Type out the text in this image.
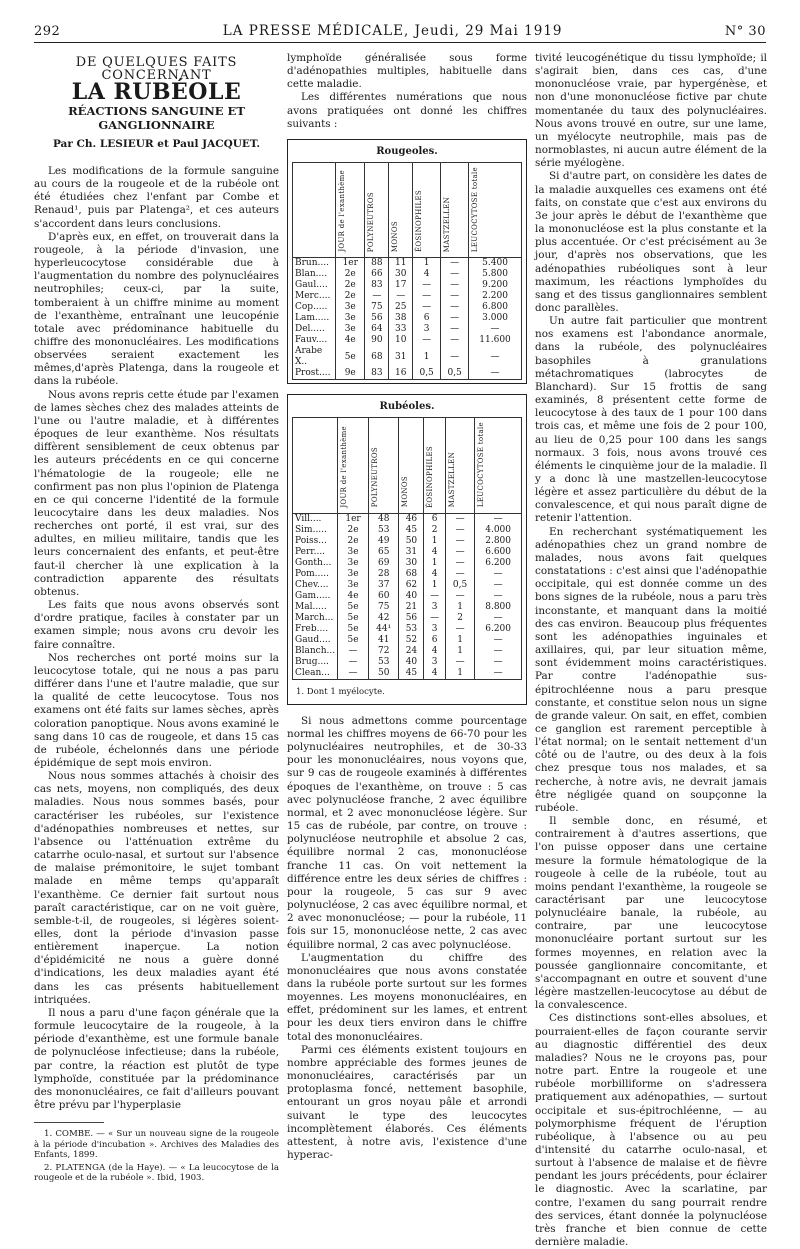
292	LA PRESSE MÉDICALE, Jeudi, 29 Mai 1919	N° 30
DE QUELQUES FAITS CONCERNANT
LA RUBÉOLE
RÉACTIONS SANGUINE ET GANGLIONNAIRE
Par Ch. LESIEUR et Paul JACQUET.

Les modifications de la formule sanguine au cours de la rougeole et de la rubéole ont été étudiées chez l'enfant par Combe et Renaud¹, puis par Platenga², et ces auteurs s'accordent dans leurs conclusions.

D'après eux, en effet, on trouverait dans la rougeole, à la période d'invasion, une hyperleucocytose considérable due à l'augmentation du nombre des polynucléaires neutrophiles; ceux-ci, par la suite, tomberaient à un chiffre minime au moment de l'exanthème, entraînant une leucopénie totale avec prédominance habituelle du chiffre des mononucléaires. Les modifications observées seraient exactement les mêmes,d'après Platenga, dans la rougeole et dans la rubéole.

Nous avons repris cette étude par l'examen de lames sèches chez des malades atteints de l'une ou l'autre maladie, et à différentes époques de leur exanthème. Nos résultats diffèrent sensiblement de ceux obtenus par les auteurs précédents en ce qui concerne l'hématologie de la rougeole; elle ne confirment pas non plus l'opinion de Platenga en ce qui concerne l'identité de la formule leucocytaire dans les deux maladies. Nos recherches ont porté, il est vrai, sur des adultes, en milieu militaire, tandis que les leurs concernaient des enfants, et peut-être faut-il chercher là une explication à la contradiction apparente des résultats obtenus.

Les faits que nous avons observés sont d'ordre pratique, faciles à constater par un examen simple; nous avons cru devoir les faire connaître.

Nos recherches ont porté moins sur la leucocytose totale, qui ne nous a pas paru différer dans l'une et l'autre maladie, que sur la qualité de cette leucocytose. Tous nos examens ont été faits sur lames sèches, après coloration panoptique. Nous avons examiné le sang dans 10 cas de rougeole, et dans 15 cas de rubéole, échelonnés dans une période épidémique de sept mois environ.

Nous nous sommes attachés à choisir des cas nets, moyens, non compliqués, des deux maladies. Nous nous sommes basés, pour caractériser les rubéoles, sur l'existence d'adénopathies nombreuses et nettes, sur l'absence ou l'atténuation extrême du catarrhe oculo-nasal, et surtout sur l'absence de malaise prémonitoire, le sujet tombant malade en même temps qu'apparaît l'exanthème. Ce dernier fait surtout nous paraît caractéristique, car on ne voit guère, semble-t-il, de rougeoles, si légères soient-elles, dont la période d'invasion passe entièrement inaperçue. La notion d'épidémicité ne nous a guère donné d'indications, les deux maladies ayant été dans les cas présents habituellement intriquées.

Il nous a paru d'une façon générale que la formule leucocytaire de la rougeole, à la période d'exanthème, est une formule banale de polynucléose infectieuse; dans la rubéole, par contre, la réaction est plutôt de type lymphoïde, constituée par la prédominance des mononucléaires, ce fait d'ailleurs pouvant être prévu par l'hyperplasie

1. COMBE. — « Sur un nouveau signe de la rougeole à la période d'incubation ». Archives des Maladies des Enfants, 1899.

2. PLATENGA (de la Haye). — « La leucocytose de la rougeole et de la rubéole ». Ibid, 1903.

lymphoïde généralisée sous forme d'adénopathies multiples, habituelle dans cette maladie.

Les différentes numérations que nous avons pratiquées ont donné les chiffres suivants :

Rougeoles.
	JOUR de l'exanthème	POLYNEUTROS	MONOS	ÉOSINOPHILES	MASTZELLEN	LEUCOCYTOSE totale
Brun....	1er	88	11	1	—	5.400
Blan....	2e	66	30	4	—	5.800
Gaul....	2e	83	17	—	—	9.200
Merc....	2e	—	—	—	—	2.200
Cop.....	3e	75	25	—	—	6.800
Lam.....	3e	56	38	6	—	3.000
Del.....	3e	64	33	3	—	—
Fauv....	4e	90	10	—	—	11.600
Arabe X..	5e	68	31	1	—	—
Prost....	9e	83	16	0,5	0,5	—
Rubéoles.
	JOUR de l'exanthème	POLYNEUTROS	MONOS	ÉOSINOPHILES	MASTZELLEN	LEUCOCYTOSE totale
Vill....	1er	48	46	6	—	—
Sim.....	2e	53	45	2	—	4.000
Poiss...	2e	49	50	1	—	2.800
Perr....	3e	65	31	4	—	6.600
Gonth...	3e	69	30	1	—	6.200
Pom.....	3e	28	68	4	—	—
Chev....	3e	37	62	1	0,5	—
Gam.....	4e	60	40	—	—	—
Mal.....	5e	75	21	3	1	8.800
March...	5e	42	56	—	2	—
Freb....	5e	44¹	53	3	—	6.200
Gaud....	5e	41	52	6	1	—
Blanch...	—	72	24	4	1	—
Brug....	—	53	40	3	—	—
Clean...	—	50	45	4	1	—
1. Dont 1 myélocyte.

Si nous admettons comme pourcentage normal les chiffres moyens de 66-70 pour les polynucléaires neutrophiles, et de 30-33 pour les mononucléaires, nous voyons que, sur 9 cas de rougeole examinés à différentes époques de l'exanthème, on trouve : 5 cas avec polynucléose franche, 2 avec équilibre normal, et 2 avec mononucléose légère. Sur 15 cas de rubéole, par contre, on trouve : polynucléose neutrophile et absolue 2 cas, équilibre normal 2 cas, mononucléose franche 11 cas. On voit nettement la différence entre les deux séries de chiffres : pour la rougeole, 5 cas sur 9 avec polynucléose, 2 cas avec équilibre normal, et 2 avec mononucléose; — pour la rubéole, 11 fois sur 15, mononucléose nette, 2 cas avec équilibre normal, 2 cas avec polynucléose.

L'augmentation du chiffre des mononucléaires que nous avons constatée dans la rubéole porte surtout sur les formes moyennes. Les moyens mononucléaires, en effet, prédominent sur les lames, et entrent pour les deux tiers environ dans le chiffre total des mononucléaires.

Parmi ces éléments existent toujours en nombre appréciable des formes jeunes de mononucléaires, caractérisés par un protoplasma foncé, nettement basophile, entourant un gros noyau pâle et arrondi suivant le type des leucocytes incomplètement élaborés. Ces éléments attestent, à notre avis, l'existence d'une hyperac-

tivité leucogénétique du tissu lymphoïde; il s'agirait bien, dans ces cas, d'une mononucléose vraie, par hypergénèse, et non d'une mononucléose fictive par chute momentanée du taux des polynucléaires. Nous avons trouvé en outre, sur une lame, un myélocyte neutrophile, mais pas de normoblastes, ni aucun autre élément de la série myélogène.

Si d'autre part, on considère les dates de la maladie auxquelles ces examens ont été faits, on constate que c'est aux environs du 3e jour après le début de l'exanthème que la mononucléose est la plus constante et la plus accentuée. Or c'est précisément au 3e jour, d'après nos observations, que les adénopathies rubéoliques sont à leur maximum, les réactions lymphoïdes du sang et des tissus ganglionnaires semblent donc parallèles.

Un autre fait particulier que montrent nos examens est l'abondance anormale, dans la rubéole, des polynucléaires basophiles à granulations métachromatiques (labrocytes de Blanchard). Sur 15 frottis de sang examinés, 8 présentent cette forme de leucocytose à des taux de 1 pour 100 dans trois cas, et même une fois de 2 pour 100, au lieu de 0,25 pour 100 dans les sangs normaux. 3 fois, nous avons trouvé ces éléments le cinquième jour de la maladie. Il y a donc là une mastzellen-leucocytose légère et assez particulière du début de la convalescence, et qui nous paraît digne de retenir l'attention.

En recherchant systématiquement les adénopathies chez un grand nombre de malades, nous avons fait quelques constatations : c'est ainsi que l'adénopathie occipitale, qui est donnée comme un des bons signes de la rubéole, nous a paru très inconstante, et manquant dans la moitié des cas environ. Beaucoup plus fréquentes sont les adénopathies inguinales et axillaires, qui, par leur situation même, sont évidemment moins caractéristiques. Par contre l'adénopathie sus-épitrochléenne nous a paru presque constante, et constitue selon nous un signe de grande valeur. On sait, en effet, combien ce ganglion est rarement perceptible à l'état normal; on le sentait nettement d'un côté ou de l'autre, ou des deux à la fois chez presque tous nos malades, et sa recherche, à notre avis, ne devrait jamais être négligée quand on soupçonne la rubéole.

Il semble donc, en résumé, et contrairement à d'autres assertions, que l'on puisse opposer dans une certaine mesure la formule hématologique de la rougeole à celle de la rubéole, tout au moins pendant l'exanthème, la rougeole se caractérisant par une leucocytose polynucléaire banale, la rubéole, au contraire, par une leucocytose mononucléaire portant surtout sur les formes moyennes, en relation avec la poussée ganglionnaire concomitante, et s'accompagnant en outre et souvent d'une légère mastzellen-leucocytose au début de la convalescence.

Ces distinctions sont-elles absolues, et pourraient-elles de façon courante servir au diagnostic différentiel des deux maladies? Nous ne le croyons pas, pour notre part. Entre la rougeole et une rubéole morbilliforme on s'adressera pratiquement aux adénopathies, — surtout occipitale et sus-épitrochléenne, — au polymorphisme fréquent de l'éruption rubéolique, à l'absence ou au peu d'intensité du catarrhe oculo-nasal, et surtout à l'absence de malaise et de fièvre pendant les jours précédents, pour éclairer le diagnostic. Avec la scarlatine, par contre, l'examen du sang pourrait rendre des services, étant donnée la polynucléose très franche et bien connue de cette dernière maladie.
